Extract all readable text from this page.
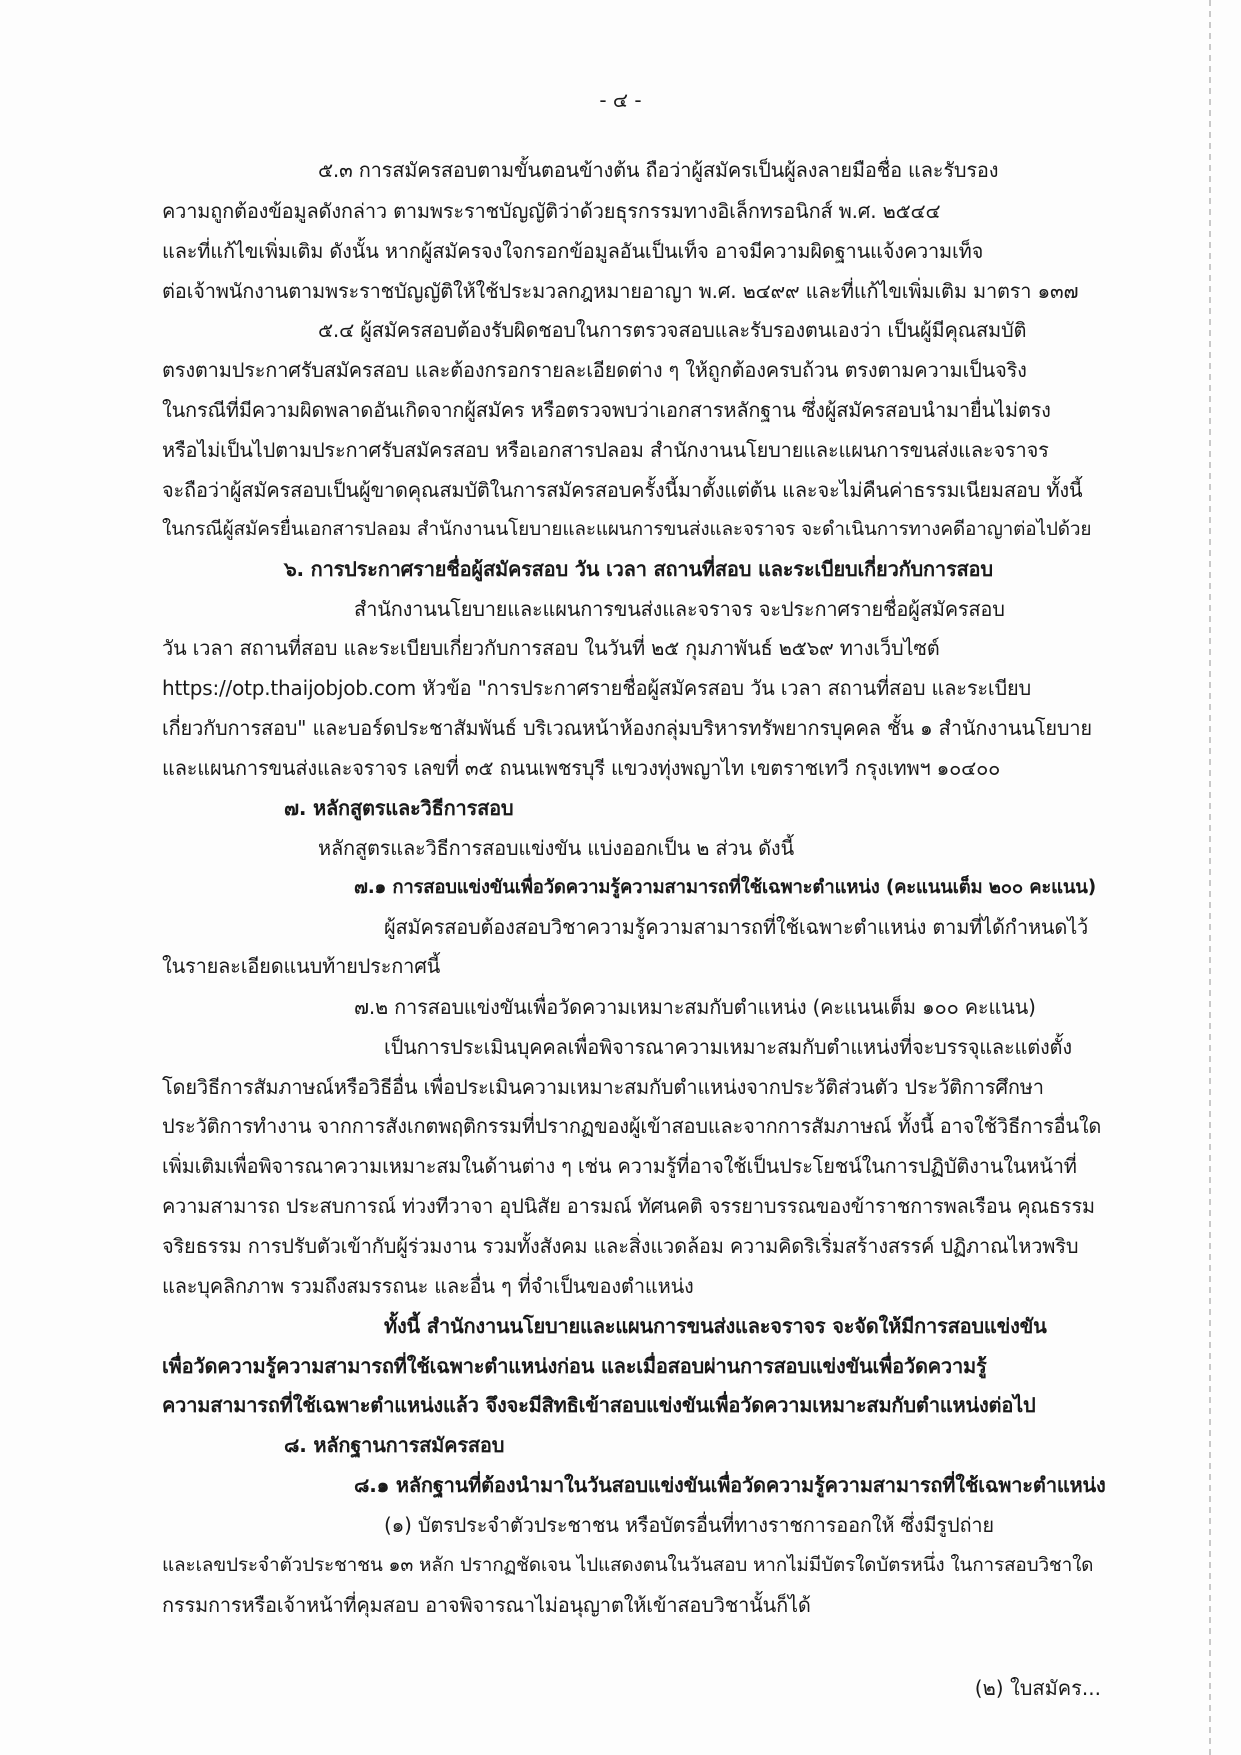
- ๔ -
๕.๓ การสมัครสอบตามขั้นตอนข้างต้น ถือว่าผู้สมัครเป็นผู้ลงลายมือชื่อ และรับรอง
ความถูกต้องข้อมูลดังกล่าว ตามพระราชบัญญัติว่าด้วยธุรกรรมทางอิเล็กทรอนิกส์ พ.ศ. ๒๕๔๔
และที่แก้ไขเพิ่มเติม ดังนั้น หากผู้สมัครจงใจกรอกข้อมูลอันเป็นเท็จ อาจมีความผิดฐานแจ้งความเท็จ
ต่อเจ้าพนักงานตามพระราชบัญญัติให้ใช้ประมวลกฎหมายอาญา พ.ศ. ๒๔๙๙ และที่แก้ไขเพิ่มเติม มาตรา ๑๓๗
๕.๔ ผู้สมัครสอบต้องรับผิดชอบในการตรวจสอบและรับรองตนเองว่า เป็นผู้มีคุณสมบัติ
ตรงตามประกาศรับสมัครสอบ และต้องกรอกรายละเอียดต่าง ๆ ให้ถูกต้องครบถ้วน ตรงตามความเป็นจริง
ในกรณีที่มีความผิดพลาดอันเกิดจากผู้สมัคร หรือตรวจพบว่าเอกสารหลักฐาน ซึ่งผู้สมัครสอบนำมายื่นไม่ตรง
หรือไม่เป็นไปตามประกาศรับสมัครสอบ หรือเอกสารปลอม สำนักงานนโยบายและแผนการขนส่งและจราจร
จะถือว่าผู้สมัครสอบเป็นผู้ขาดคุณสมบัติในการสมัครสอบครั้งนี้มาตั้งแต่ต้น และจะไม่คืนค่าธรรมเนียมสอบ ทั้งนี้
ในกรณีผู้สมัครยื่นเอกสารปลอม สำนักงานนโยบายและแผนการขนส่งและจราจร จะดำเนินการทางคดีอาญาต่อไปด้วย
๖. การประกาศรายชื่อผู้สมัครสอบ วัน เวลา สถานที่สอบ และระเบียบเกี่ยวกับการสอบ
สำนักงานนโยบายและแผนการขนส่งและจราจร จะประกาศรายชื่อผู้สมัครสอบ
วัน เวลา สถานที่สอบ และระเบียบเกี่ยวกับการสอบ ในวันที่ ๒๕ กุมภาพันธ์ ๒๕๖๙ ทางเว็บไซต์
https://otp.thaijobjob.com หัวข้อ "การประกาศรายชื่อผู้สมัครสอบ วัน เวลา สถานที่สอบ และระเบียบ
เกี่ยวกับการสอบ" และบอร์ดประชาสัมพันธ์ บริเวณหน้าห้องกลุ่มบริหารทรัพยากรบุคคล ชั้น ๑ สำนักงานนโยบาย
และแผนการขนส่งและจราจร เลขที่ ๓๕ ถนนเพชรบุรี แขวงทุ่งพญาไท เขตราชเทวี กรุงเทพฯ ๑๐๔๐๐
๗. หลักสูตรและวิธีการสอบ
หลักสูตรและวิธีการสอบแข่งขัน แบ่งออกเป็น ๒ ส่วน ดังนี้
๗.๑ การสอบแข่งขันเพื่อวัดความรู้ความสามารถที่ใช้เฉพาะตำแหน่ง (คะแนนเต็ม ๒๐๐ คะแนน)
ผู้สมัครสอบต้องสอบวิชาความรู้ความสามารถที่ใช้เฉพาะตำแหน่ง ตามที่ได้กำหนดไว้
ในรายละเอียดแนบท้ายประกาศนี้
๗.๒ การสอบแข่งขันเพื่อวัดความเหมาะสมกับตำแหน่ง (คะแนนเต็ม ๑๐๐ คะแนน)
เป็นการประเมินบุคคลเพื่อพิจารณาความเหมาะสมกับตำแหน่งที่จะบรรจุและแต่งตั้ง
โดยวิธีการสัมภาษณ์หรือวิธีอื่น เพื่อประเมินความเหมาะสมกับตำแหน่งจากประวัติส่วนตัว ประวัติการศึกษา
ประวัติการทำงาน จากการสังเกตพฤติกรรมที่ปรากฏของผู้เข้าสอบและจากการสัมภาษณ์ ทั้งนี้ อาจใช้วิธีการอื่นใด
เพิ่มเติมเพื่อพิจารณาความเหมาะสมในด้านต่าง ๆ เช่น ความรู้ที่อาจใช้เป็นประโยชน์ในการปฏิบัติงานในหน้าที่
ความสามารถ ประสบการณ์ ท่วงทีวาจา อุปนิสัย อารมณ์ ทัศนคติ จรรยาบรรณของข้าราชการพลเรือน คุณธรรม
จริยธรรม การปรับตัวเข้ากับผู้ร่วมงาน รวมทั้งสังคม และสิ่งแวดล้อม ความคิดริเริ่มสร้างสรรค์ ปฏิภาณไหวพริบ
และบุคลิกภาพ รวมถึงสมรรถนะ และอื่น ๆ ที่จำเป็นของตำแหน่ง
ทั้งนี้ สำนักงานนโยบายและแผนการขนส่งและจราจร จะจัดให้มีการสอบแข่งขัน
เพื่อวัดความรู้ความสามารถที่ใช้เฉพาะตำแหน่งก่อน และเมื่อสอบผ่านการสอบแข่งขันเพื่อวัดความรู้
ความสามารถที่ใช้เฉพาะตำแหน่งแล้ว จึงจะมีสิทธิเข้าสอบแข่งขันเพื่อวัดความเหมาะสมกับตำแหน่งต่อไป
๘. หลักฐานการสมัครสอบ
๘.๑ หลักฐานที่ต้องนำมาในวันสอบแข่งขันเพื่อวัดความรู้ความสามารถที่ใช้เฉพาะตำแหน่ง
(๑) บัตรประจำตัวประชาชน หรือบัตรอื่นที่ทางราชการออกให้ ซึ่งมีรูปถ่าย
และเลขประจำตัวประชาชน ๑๓ หลัก ปรากฏชัดเจน ไปแสดงตนในวันสอบ หากไม่มีบัตรใดบัตรหนึ่ง ในการสอบวิชาใด
กรรมการหรือเจ้าหน้าที่คุมสอบ อาจพิจารณาไม่อนุญาตให้เข้าสอบวิชานั้นก็ได้
(๒) ใบสมัคร...
